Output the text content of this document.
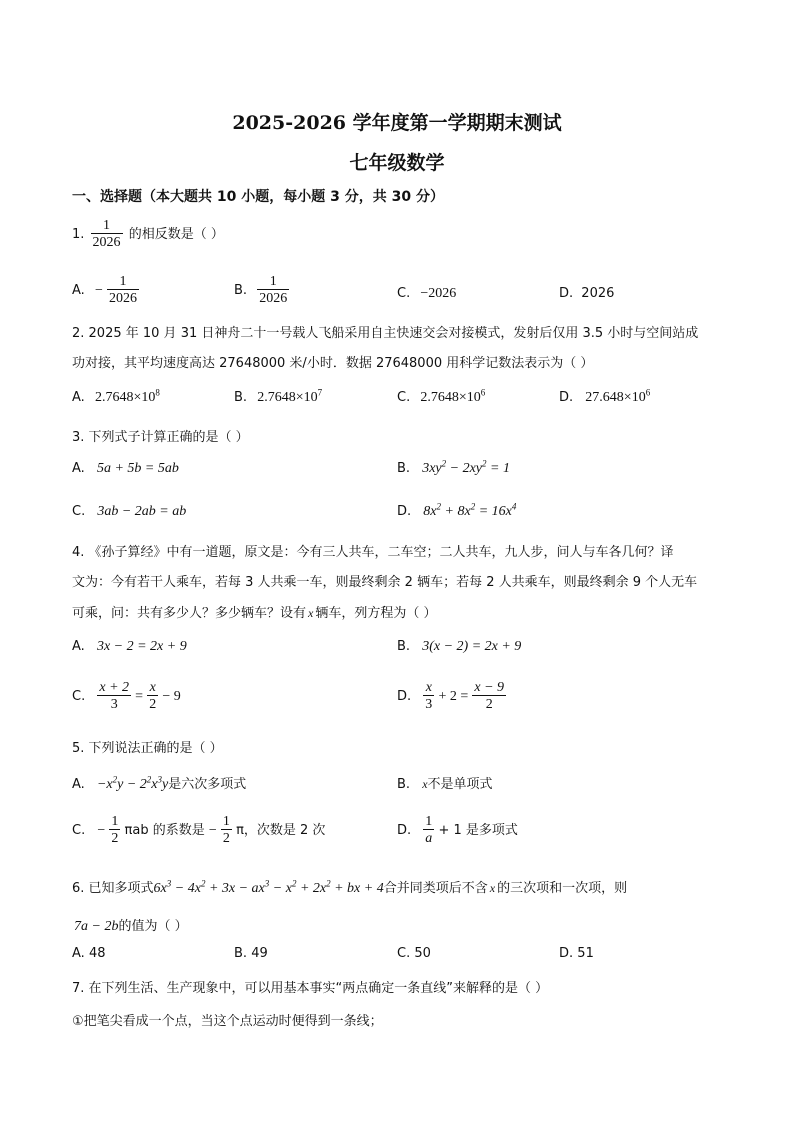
2025-2026 学年度第一学期期末测试
七年级数学
一、选择题（本大题共 10 小题，每小题 3 分，共 30 分）
1. $\frac{1}{2026}$ 的相反数是（ ）
A. − $\frac{1}{2026}$	B. $\frac{1}{2026}$	C. −2026	D. 2026
2. 2025 年 10 月 31 日神舟二十一号载人飞船采用自主快速交会对接模式，发射后仅用 3.5 小时与空间站成
功对接，其平均速度高达 27648000 米/小时．数据 27648000 用科学记数法表示为（ ）
A. $2.7648\times 10^8$	B. $2.7648\times 10^7$	C. $2.7648\times 10^6$	D. $27.648\times 10^6$
3. 下列式子计算正确的是（ ）
A. 5a + 5b = 5ab	B. $3xy^2 - 2xy^2 = 1$
C. 3ab − 2ab = ab	D. $8x^2 + 8x^2 = 16x^4$
4. 《孙子算经》中有一道题，原文是：今有三人共车，二车空；二人共车，九人步，问人与车各几何？译
文为：今有若干人乘车，若每 3 人共乘一车，则最终剩余 2 辆车；若每 2 人共乘车，则最终剩余 9 个人无车
可乘，问：共有多少人？多少辆车？设有 x 辆车，列方程为（ ）
A. 3x − 2 = 2x + 9	B. 3(x − 2) = 2x + 9
C. $\frac{x + 2}{3} = \frac{x}{2} - 9$	D. $\frac{x}{3} + 2 = \frac{x - 9}{2}$
5. 下列说法正确的是（ ）
A. $-x^2y - 2^2x^3y$是六次多项式	B. x不是单项式
C. − $\frac{1}{2}$ πab 的系数是 − $\frac{1}{2}$ π，次数是 2 次	D. $\frac{1}{a} + 1$ 是多项式
6. 已知多项式$6x^3 - 4x^2 + 3x - ax^3 - x^2 + 2x^2$ + bx + 4合并同类项后不含 x 的三次项和一次项，则
7a − 2b的值为（ ）
A. 48	B. 49	C. 50	D. 51
7. 在下列生活、生产现象中，可以用基本事实“两点确定一条直线”来解释的是（ ）
①把笔尖看成一个点，当这个点运动时便得到一条线；
